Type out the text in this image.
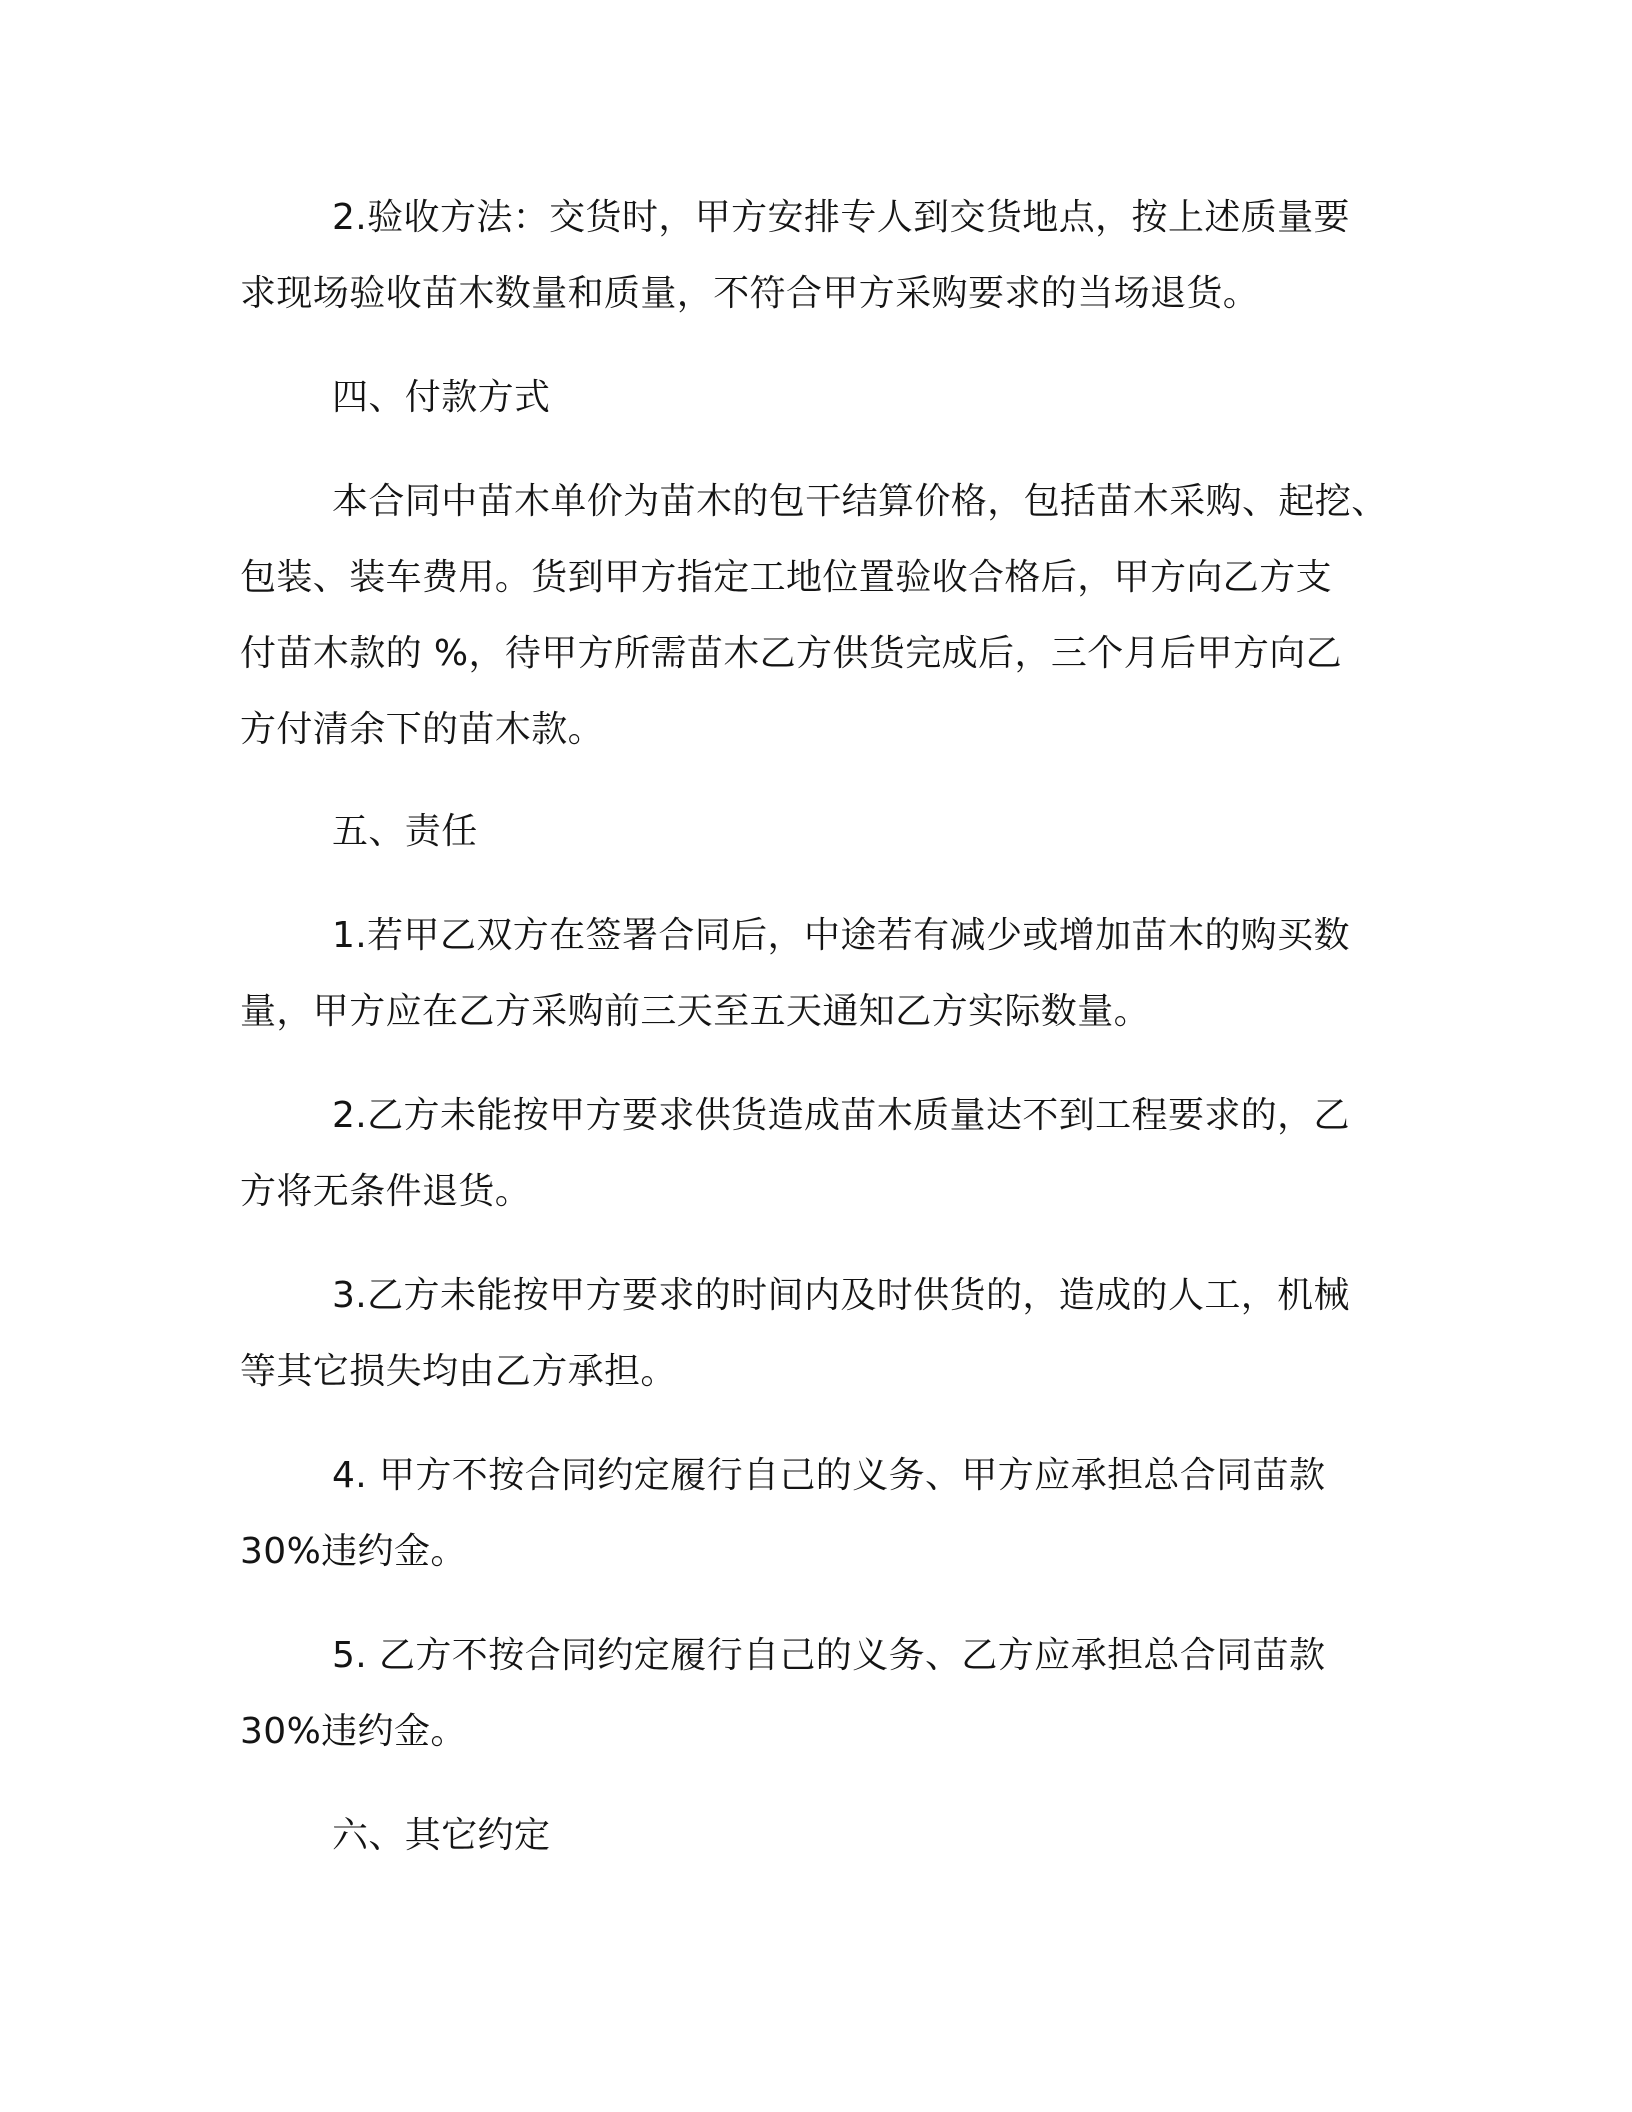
2.验收方法：交货时，甲方安排专人到交货地点，按上述质量要
求现场验收苗木数量和质量，不符合甲方采购要求的当场退货。
四、付款方式
本合同中苗木单价为苗木的包干结算价格，包括苗木采购、起挖、
包装、装车费用。货到甲方指定工地位置验收合格后，甲方向乙方支
付苗木款的 %，待甲方所需苗木乙方供货完成后，三个月后甲方向乙
方付清余下的苗木款。
五、责任
1.若甲乙双方在签署合同后，中途若有减少或增加苗木的购买数
量，甲方应在乙方采购前三天至五天通知乙方实际数量。
2.乙方未能按甲方要求供货造成苗木质量达不到工程要求的，乙
方将无条件退货。
3.乙方未能按甲方要求的时间内及时供货的，造成的人工，机械
等其它损失均由乙方承担。
4. 甲方不按合同约定履行自己的义务、甲方应承担总合同苗款
30%违约金。
5. 乙方不按合同约定履行自己的义务、乙方应承担总合同苗款
30%违约金。
六、其它约定
